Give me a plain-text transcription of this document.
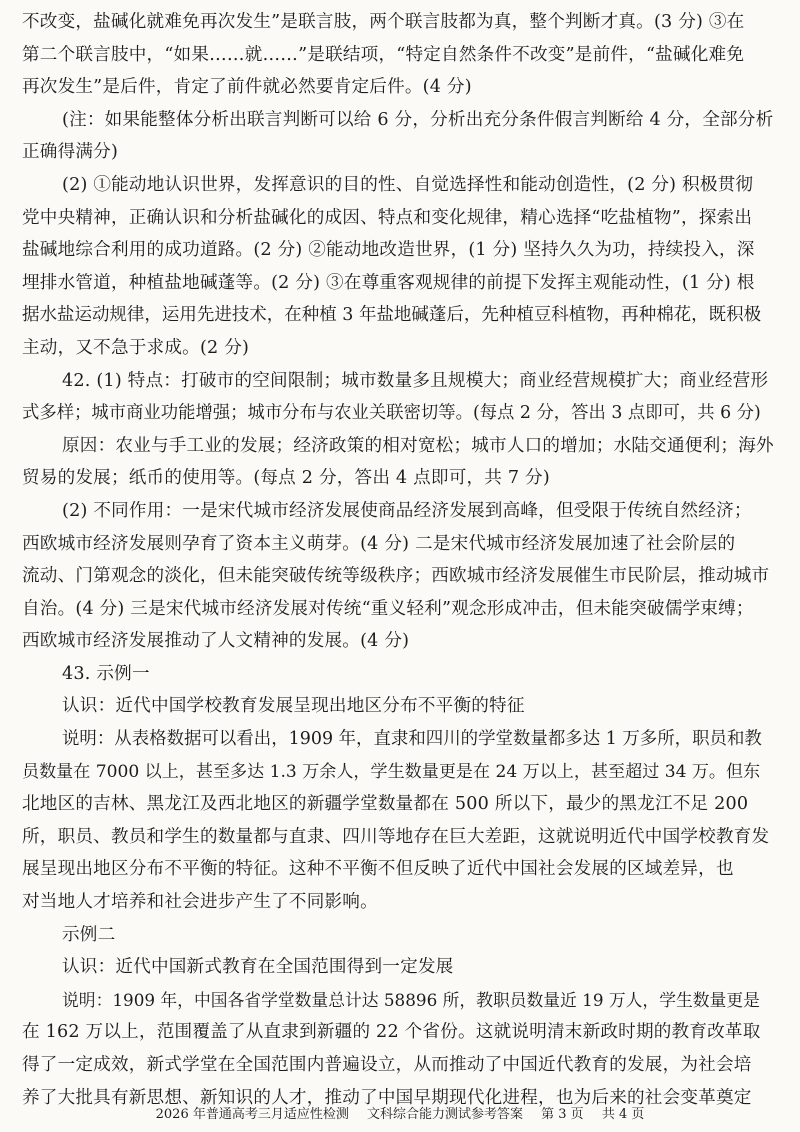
不改变，盐碱化就难免再次发生”是联言肢，两个联言肢都为真，整个判断才真。(3 分) ③在
第二个联言肢中，“如果……就……”是联结项，“特定自然条件不改变”是前件，“盐碱化难免
再次发生”是后件，肯定了前件就必然要肯定后件。(4 分)
(注：如果能整体分析出联言判断可以给 6 分，分析出充分条件假言判断给 4 分，全部分析
正确得满分)
(2) ①能动地认识世界，发挥意识的目的性、自觉选择性和能动创造性，(2 分) 积极贯彻
党中央精神，正确认识和分析盐碱化的成因、特点和变化规律，精心选择“吃盐植物”，探索出
盐碱地综合利用的成功道路。(2 分) ②能动地改造世界，(1 分) 坚持久久为功，持续投入，深
埋排水管道，种植盐地碱蓬等。(2 分) ③在尊重客观规律的前提下发挥主观能动性，(1 分) 根
据水盐运动规律，运用先进技术，在种植 3 年盐地碱蓬后，先种植豆科植物，再种棉花，既积极
主动，又不急于求成。(2 分)
42. (1) 特点：打破市的空间限制；城市数量多且规模大；商业经营规模扩大；商业经营形
式多样；城市商业功能增强；城市分布与农业关联密切等。(每点 2 分，答出 3 点即可，共 6 分)
原因：农业与手工业的发展；经济政策的相对宽松；城市人口的增加；水陆交通便利；海外
贸易的发展；纸币的使用等。(每点 2 分，答出 4 点即可，共 7 分)
(2) 不同作用：一是宋代城市经济发展使商品经济发展到高峰，但受限于传统自然经济；
西欧城市经济发展则孕育了资本主义萌芽。(4 分) 二是宋代城市经济发展加速了社会阶层的
流动、门第观念的淡化，但未能突破传统等级秩序；西欧城市经济发展催生市民阶层，推动城市
自治。(4 分) 三是宋代城市经济发展对传统“重义轻利”观念形成冲击，但未能突破儒学束缚；
西欧城市经济发展推动了人文精神的发展。(4 分)
43. 示例一
认识：近代中国学校教育发展呈现出地区分布不平衡的特征
说明：从表格数据可以看出，1909 年，直隶和四川的学堂数量都多达 1 万多所，职员和教
员数量在 7000 以上，甚至多达 1.3 万余人，学生数量更是在 24 万以上，甚至超过 34 万。但东
北地区的吉林、黑龙江及西北地区的新疆学堂数量都在 500 所以下，最少的黑龙江不足 200
所，职员、教员和学生的数量都与直隶、四川等地存在巨大差距，这就说明近代中国学校教育发
展呈现出地区分布不平衡的特征。这种不平衡不但反映了近代中国社会发展的区域差异，也
对当地人才培养和社会进步产生了不同影响。
示例二
认识：近代中国新式教育在全国范围得到一定发展
说明：1909 年，中国各省学堂数量总计达 58896 所，教职员数量近 19 万人，学生数量更是
在 162 万以上，范围覆盖了从直隶到新疆的 22 个省份。这就说明清末新政时期的教育改革取
得了一定成效，新式学堂在全国范围内普遍设立，从而推动了中国近代教育的发展，为社会培
养了大批具有新思想、新知识的人才，推动了中国早期现代化进程，也为后来的社会变革奠定
2026 年普通高考三月适应性检测 文科综合能力测试参考答案 第 3 页 共 4 页
